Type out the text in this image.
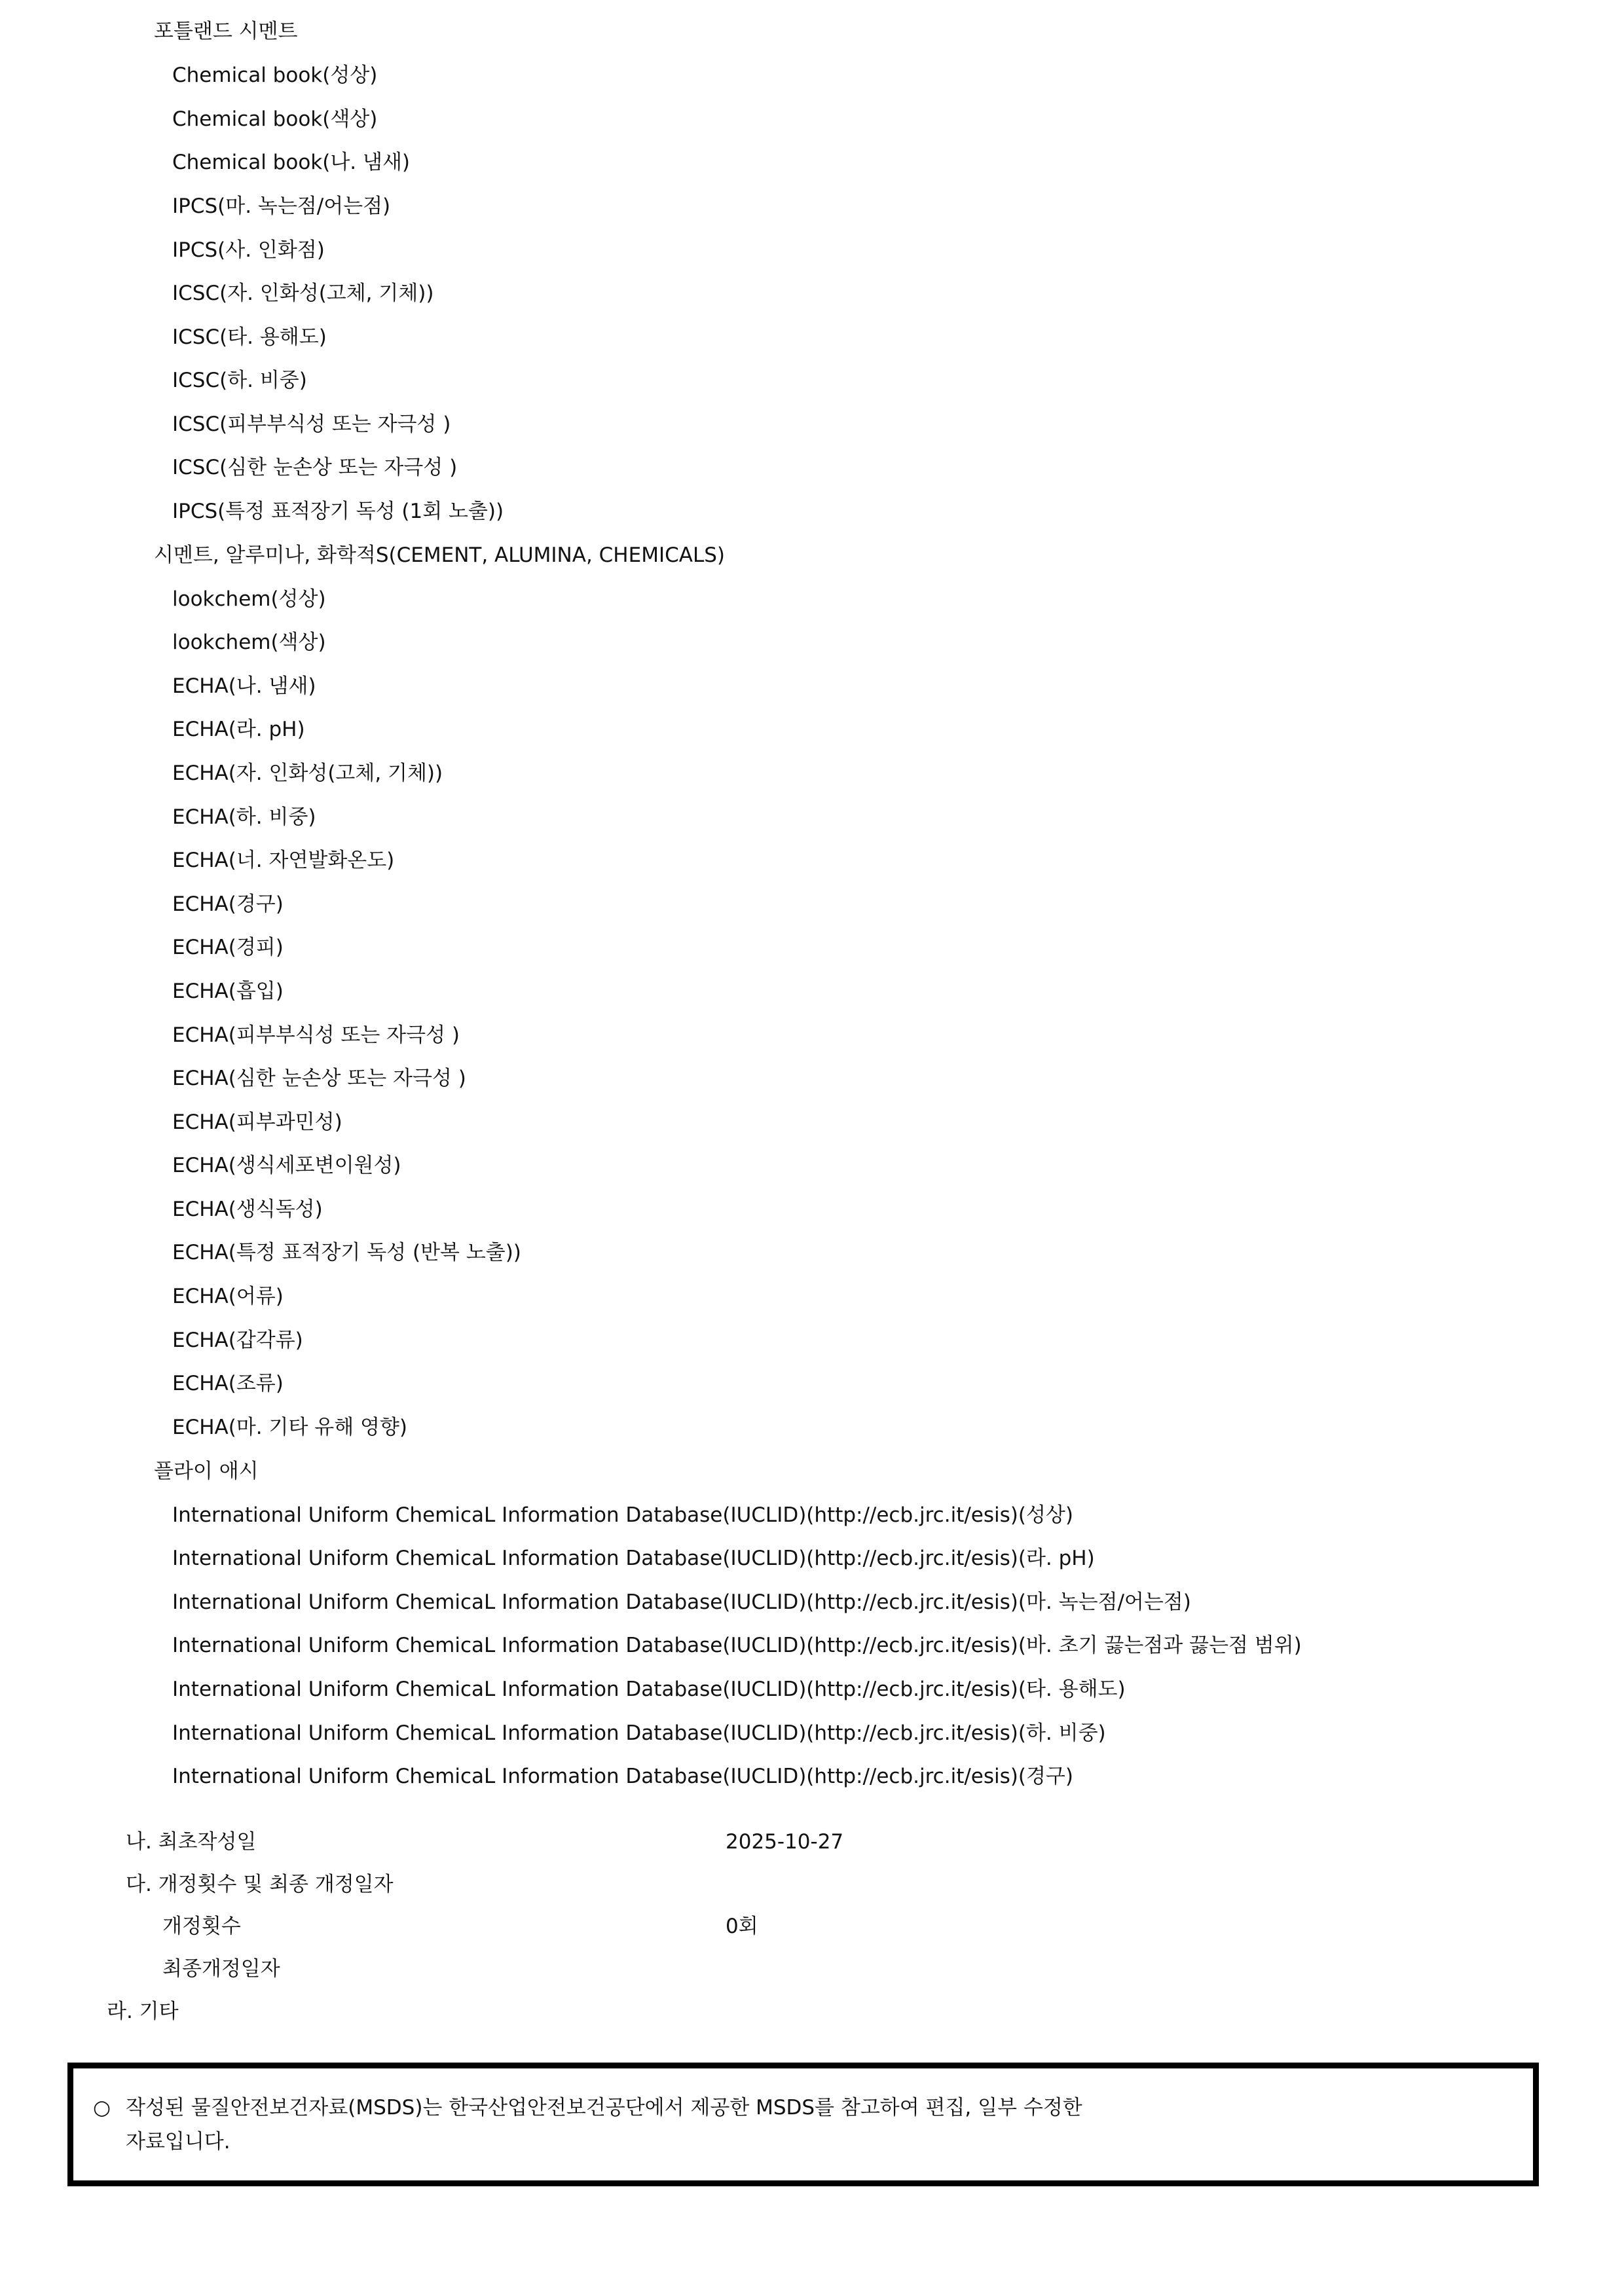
포틀랜드 시멘트
Chemical book(성상)
Chemical book(색상)
Chemical book(나. 냄새)
IPCS(마. 녹는점/어는점)
IPCS(사. 인화점)
ICSC(자. 인화성(고체, 기체))
ICSC(타. 용해도)
ICSC(하. 비중)
ICSC(피부부식성 또는 자극성 )
ICSC(심한 눈손상 또는 자극성 )
IPCS(특정 표적장기 독성 (1회 노출))
시멘트, 알루미나, 화학적S(CEMENT, ALUMINA, CHEMICALS)
lookchem(성상)
lookchem(색상)
ECHA(나. 냄새)
ECHA(라. pH)
ECHA(자. 인화성(고체, 기체))
ECHA(하. 비중)
ECHA(너. 자연발화온도)
ECHA(경구)
ECHA(경피)
ECHA(흡입)
ECHA(피부부식성 또는 자극성 )
ECHA(심한 눈손상 또는 자극성 )
ECHA(피부과민성)
ECHA(생식세포변이원성)
ECHA(생식독성)
ECHA(특정 표적장기 독성 (반복 노출))
ECHA(어류)
ECHA(갑각류)
ECHA(조류)
ECHA(마. 기타 유해 영향)
플라이 애시
International Uniform ChemicaL Information Database(IUCLID)(http://ecb.jrc.it/esis)(성상)
International Uniform ChemicaL Information Database(IUCLID)(http://ecb.jrc.it/esis)(라. pH)
International Uniform ChemicaL Information Database(IUCLID)(http://ecb.jrc.it/esis)(마. 녹는점/어는점)
International Uniform ChemicaL Information Database(IUCLID)(http://ecb.jrc.it/esis)(바. 초기 끓는점과 끓는점 범위)
International Uniform ChemicaL Information Database(IUCLID)(http://ecb.jrc.it/esis)(타. 용해도)
International Uniform ChemicaL Information Database(IUCLID)(http://ecb.jrc.it/esis)(하. 비중)
International Uniform ChemicaL Information Database(IUCLID)(http://ecb.jrc.it/esis)(경구)
나. 최초작성일	2025-10-27
다. 개정횟수 및 최종 개정일자
개정횟수	0회
최종개정일자
라. 기타
○ 작성된 물질안전보건자료(MSDS)는 한국산업안전보건공단에서 제공한 MSDS를 참고하여 편집, 일부 수정한
자료입니다.
